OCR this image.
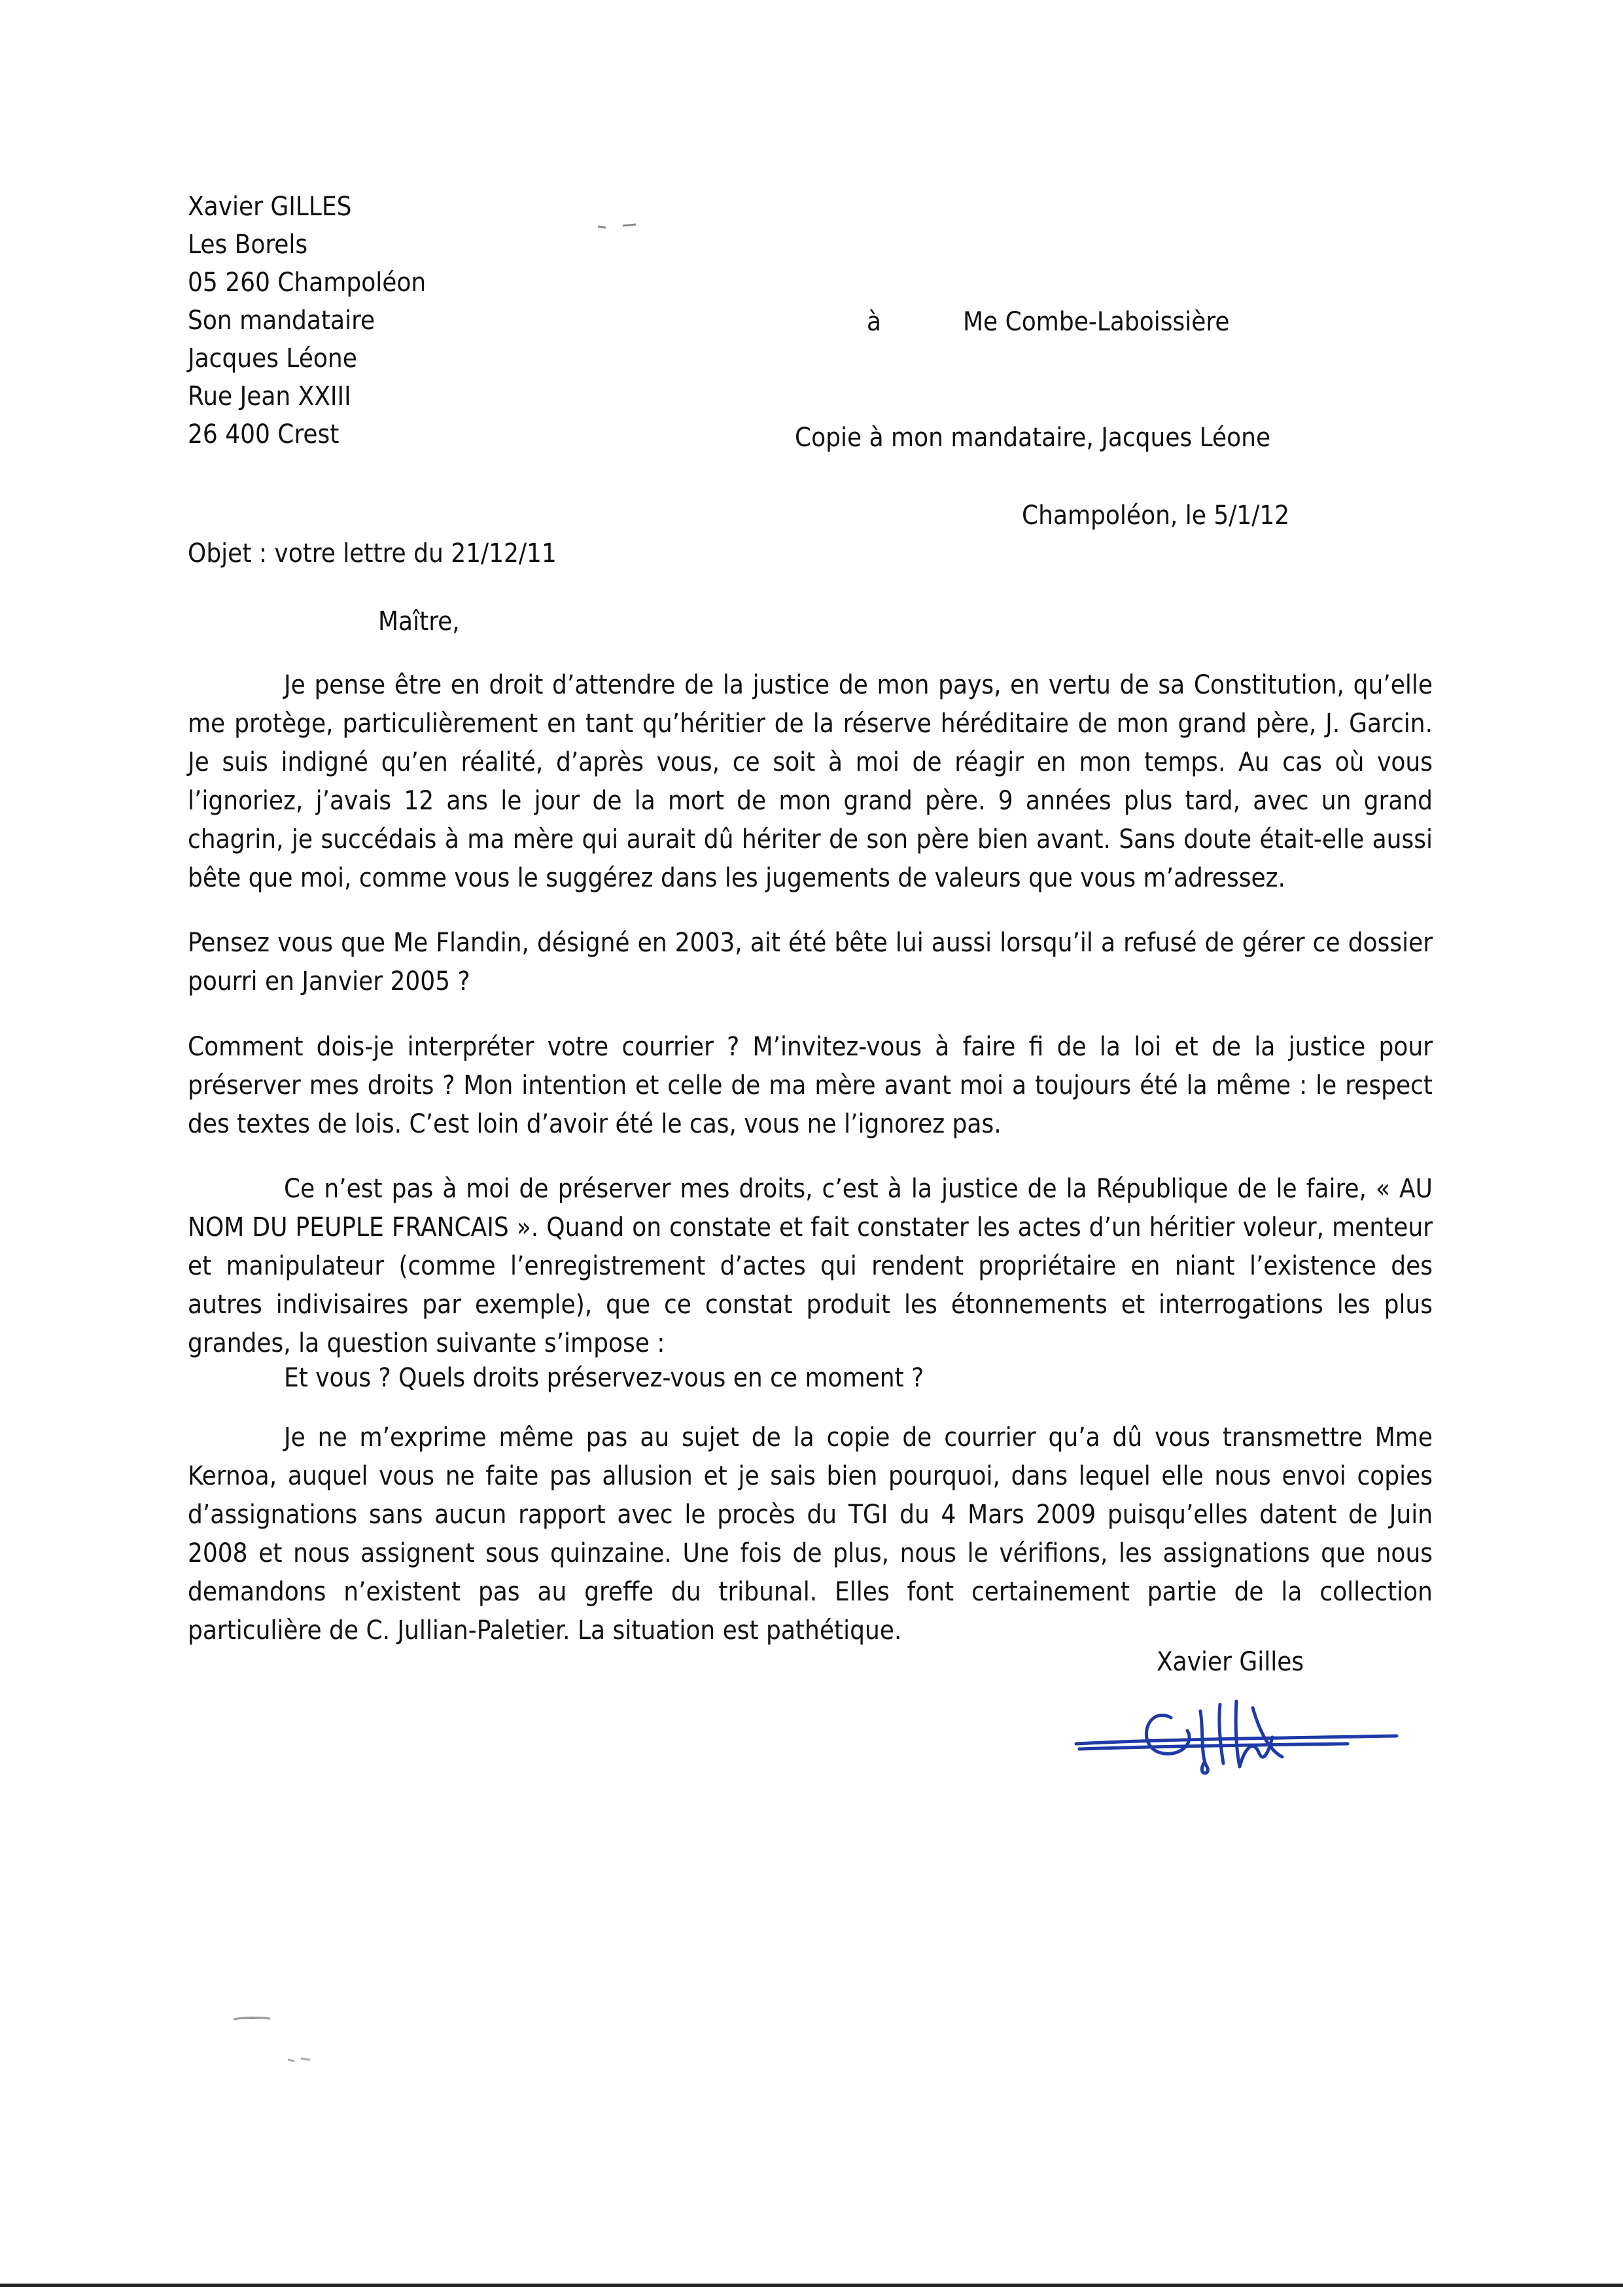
Xavier GILLES
Les Borels
05 260 Champoléon
Son mandataire
Jacques Léone
Rue Jean XXIII
26 400 Crest
à	Me Combe-Laboissière
Copie à mon mandataire, Jacques Léone
Champoléon, le 5/1/12
Objet : votre lettre du 21/12/11
Maître,

Je pense être en droit d’attendre de la justice de mon pays, en vertu de sa Constitution, qu’elle me protège, particulièrement en tant qu’héritier de la réserve héréditaire de mon grand père, J. Garcin. Je suis indigné qu’en réalité, d’après vous, ce soit à moi de réagir en mon temps. Au cas où vous l’ignoriez, j’avais 12 ans le jour de la mort de mon grand père. 9 années plus tard, avec un grand chagrin, je succédais à ma mère qui aurait dû hériter de son père bien avant. Sans doute était-elle aussi bête que moi, comme vous le suggérez dans les jugements de valeurs que vous m’adressez.

Pensez vous que Me Flandin, désigné en 2003, ait été bête lui aussi lorsqu’il a refusé de gérer ce dossier pourri en Janvier 2005 ?

Comment dois-je interpréter votre courrier ? M’invitez-vous à faire fi de la loi et de la justice pour préserver mes droits ? Mon intention et celle de ma mère avant moi a toujours été la même : le respect des textes de lois. C’est loin d’avoir été le cas, vous ne l’ignorez pas.

Ce n’est pas à moi de préserver mes droits, c’est à la justice de la République de le faire, « AU NOM DU PEUPLE FRANCAIS ». Quand on constate et fait constater les actes d’un héritier voleur, menteur et manipulateur (comme l’enregistrement d’actes qui rendent propriétaire en niant l’existence des autres indivisaires par exemple), que ce constat produit les étonnements et interrogations les plus grandes, la question suivante s’impose :

Et vous ? Quels droits préservez-vous en ce moment ?

Je ne m’exprime même pas au sujet de la copie de courrier qu’a dû vous transmettre Mme Kernoa, auquel vous ne faite pas allusion et je sais bien pourquoi, dans lequel elle nous envoi copies d’assignations sans aucun rapport avec le procès du TGI du 4 Mars 2009 puisqu’elles datent de Juin 2008 et nous assignent sous quinzaine. Une fois de plus, nous le vérifions, les assignations que nous demandons n’existent pas au greffe du tribunal. Elles font certainement partie de la collection particulière de C. Jullian-Paletier. La situation est pathétique.

Xavier Gilles
